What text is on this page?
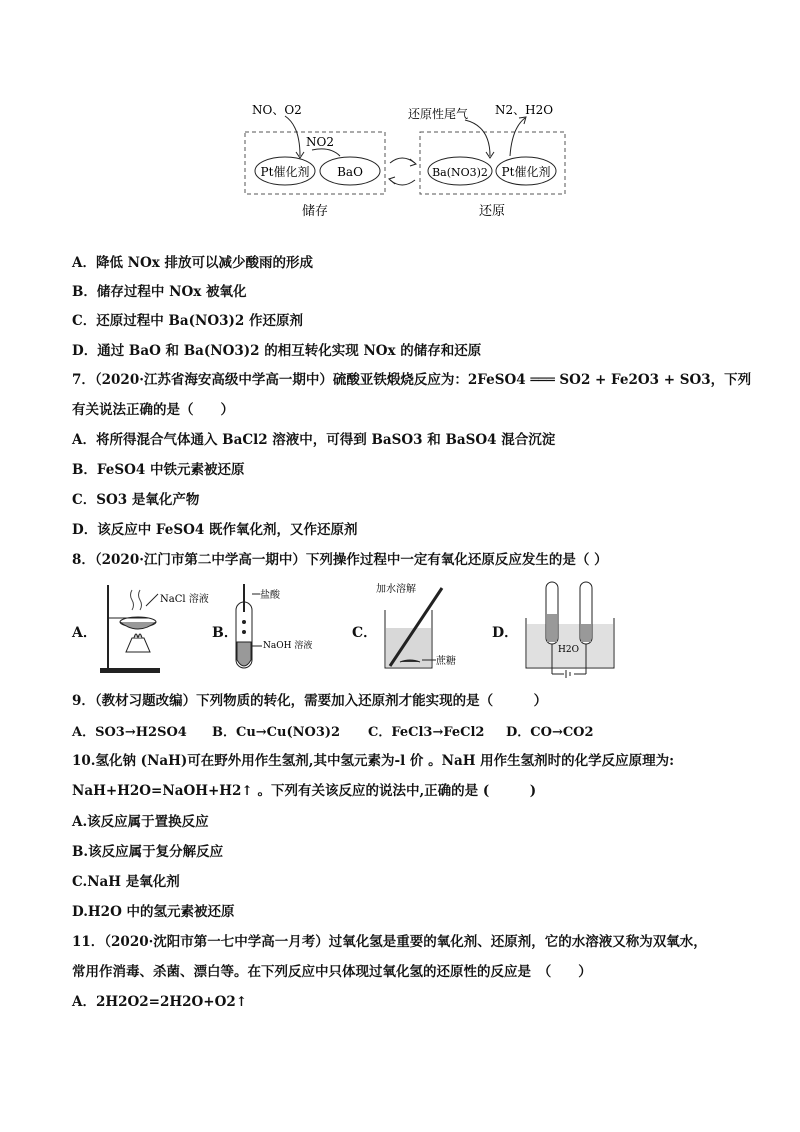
Pt催化剂 BaO	Ba(NO3)2 Pt催化剂
NO、O2
NO2
还原性尾气 N2、H2O
储存	还原
A．降低 NOx 排放可以减少酸雨的形成
B．储存过程中 NOx 被氧化
C．还原过程中 Ba(NO3)2 作还原剂
D．通过 BaO 和 Ba(NO3)2 的相互转化实现 NOx 的储存和还原
7．（2020·江苏省海安高级中学高一期中）硫酸亚铁煅烧反应为：2FeSO4 ═══ SO2 + Fe2O3 + SO3，下列
有关说法正确的是（　　）
A．将所得混合气体通入 BaCl2 溶液中，可得到 BaSO3 和 BaSO4 混合沉淀
B．FeSO4 中铁元素被还原
C．SO3 是氧化产物
D．该反应中 FeSO4 既作氧化剂，又作还原剂
8．（2020·江门市第二中学高一期中）下列操作过程中一定有氧化还原反应发生的是（ ）
A．	B．	C．	D．
NaCl 溶液	盐酸
NaOH 溶液
加水溶解
蔗糖
H2O
9．（教材习题改编）下列物质的转化，需要加入还原剂才能实现的是（　　　）
A．SO3→H2SO4 B．Cu→Cu(NO3)2 C．FeCl3→FeCl2 D．CO→CO2
10.氢化钠 (NaH)可在野外用作生氢剂,其中氢元素为-l 价 。NaH 用作生氢剂时的化学反应原理为:
NaH+H2O=NaOH+H2↑ 。下列有关该反应的说法中,正确的是 (　　　)
A.该反应属于置换反应
B.该反应属于复分解反应
C.NaH 是氧化剂
D.H2O 中的氢元素被还原
11．（2020·沈阳市第一七中学高一月考）过氧化氢是重要的氧化剂、还原剂，它的水溶液又称为双氧水，
常用作消毒、杀菌、漂白等。在下列反应中只体现过氧化氢的还原性的反应是　（　　）
A．2H2O2=2H2O+O2↑
